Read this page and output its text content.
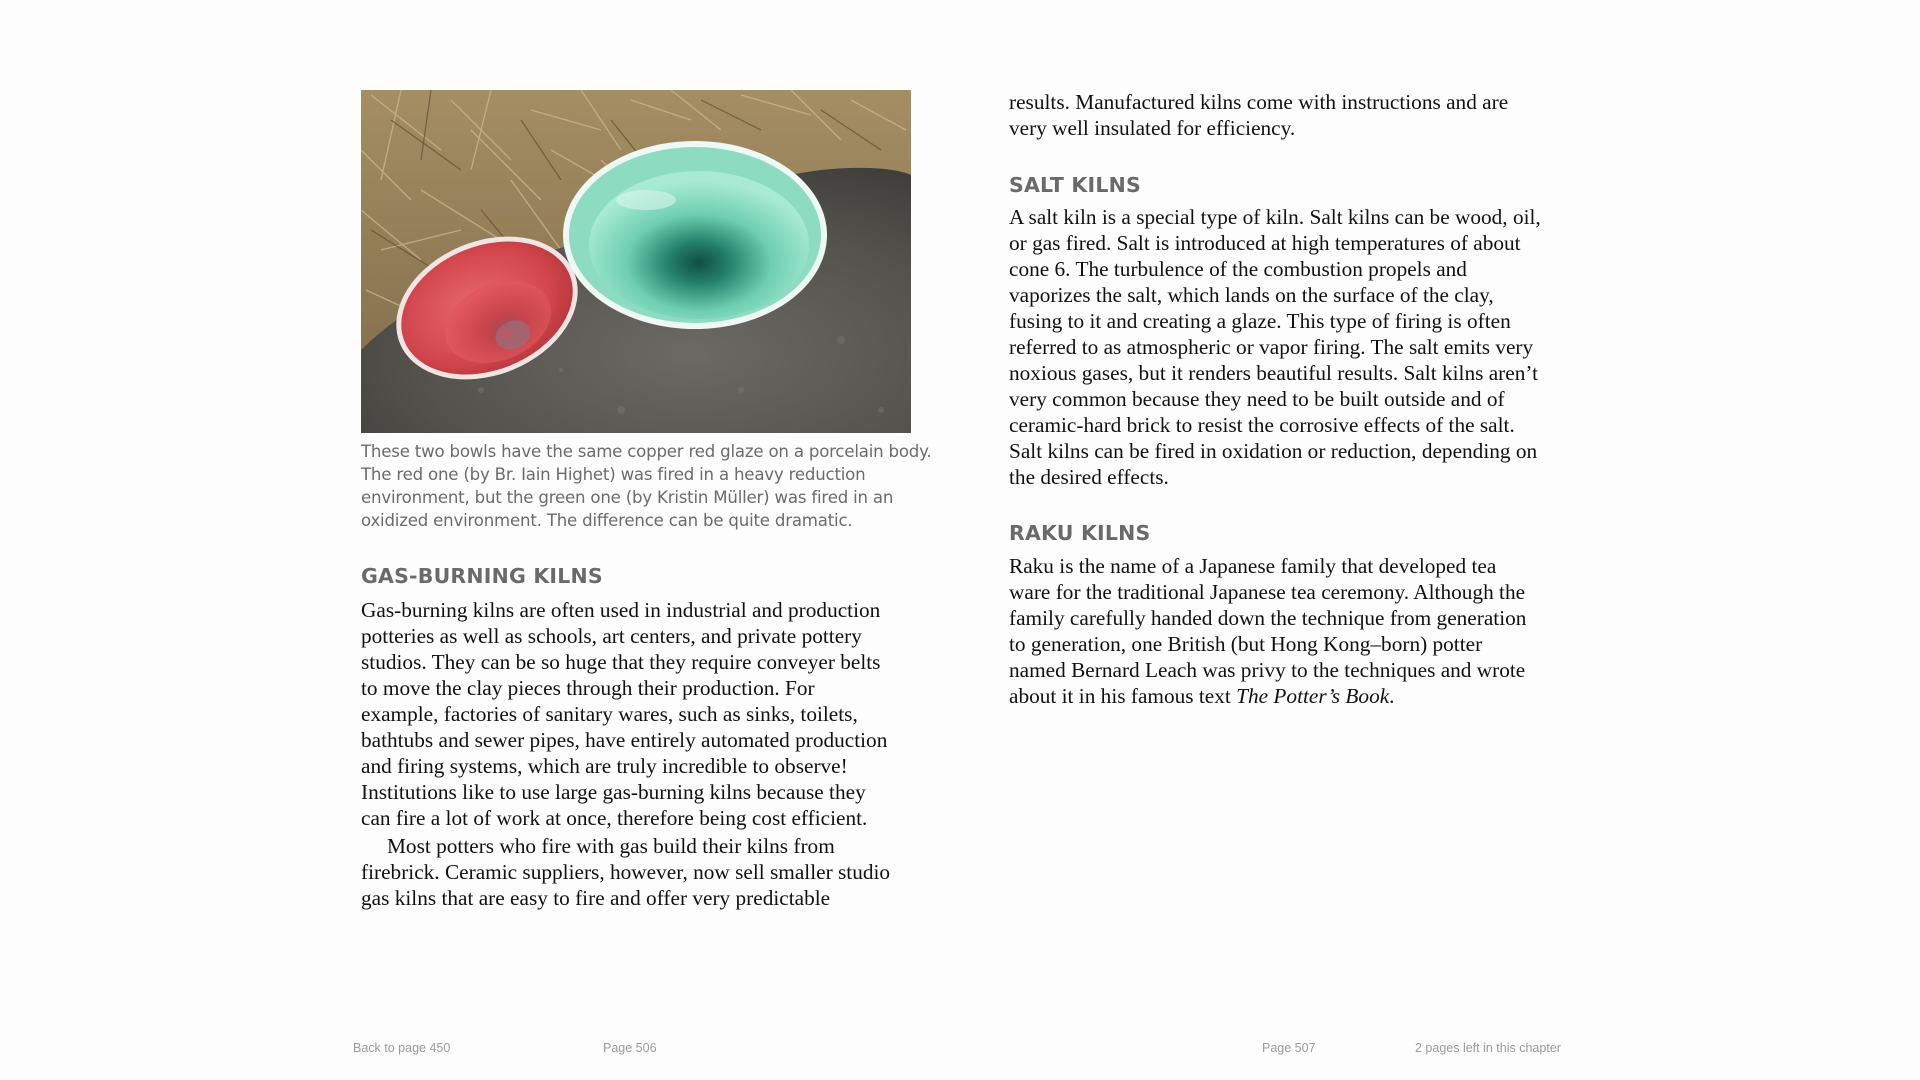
These two bowls have the same copper red glaze on a porcelain body.
The red one (by Br. Iain Highet) was fired in a heavy reduction
environment, but the green one (by Kristin Müller) was fired in an
oxidized environment. The difference can be quite dramatic.
GAS-BURNING KILNS
Gas-burning kilns are often used in industrial and production
potteries as well as schools, art centers, and private pottery
studios. They can be so huge that they require conveyer belts
to move the clay pieces through their production. For
example, factories of sanitary wares, such as sinks, toilets,
bathtubs and sewer pipes, have entirely automated production
and firing systems, which are truly incredible to observe!
Institutions like to use large gas-burning kilns because they
can fire a lot of work at once, therefore being cost efficient.
Most potters who fire with gas build their kilns from
firebrick. Ceramic suppliers, however, now sell smaller studio
gas kilns that are easy to fire and offer very predictable
results. Manufactured kilns come with instructions and are
very well insulated for efficiency.
SALT KILNS
A salt kiln is a special type of kiln. Salt kilns can be wood, oil,
or gas fired. Salt is introduced at high temperatures of about
cone 6. The turbulence of the combustion propels and
vaporizes the salt, which lands on the surface of the clay,
fusing to it and creating a glaze. This type of firing is often
referred to as atmospheric or vapor firing. The salt emits very
noxious gases, but it renders beautiful results. Salt kilns aren’t
very common because they need to be built outside and of
ceramic-hard brick to resist the corrosive effects of the salt.
Salt kilns can be fired in oxidation or reduction, depending on
the desired effects.
RAKU KILNS
Raku is the name of a Japanese family that developed tea
ware for the traditional Japanese tea ceremony. Although the
family carefully handed down the technique from generation
to generation, one British (but Hong Kong–born) potter
named Bernard Leach was privy to the techniques and wrote
about it in his famous text The Potter’s Book.
Back to page 450	Page 506	Page 507	2 pages left in this chapter
